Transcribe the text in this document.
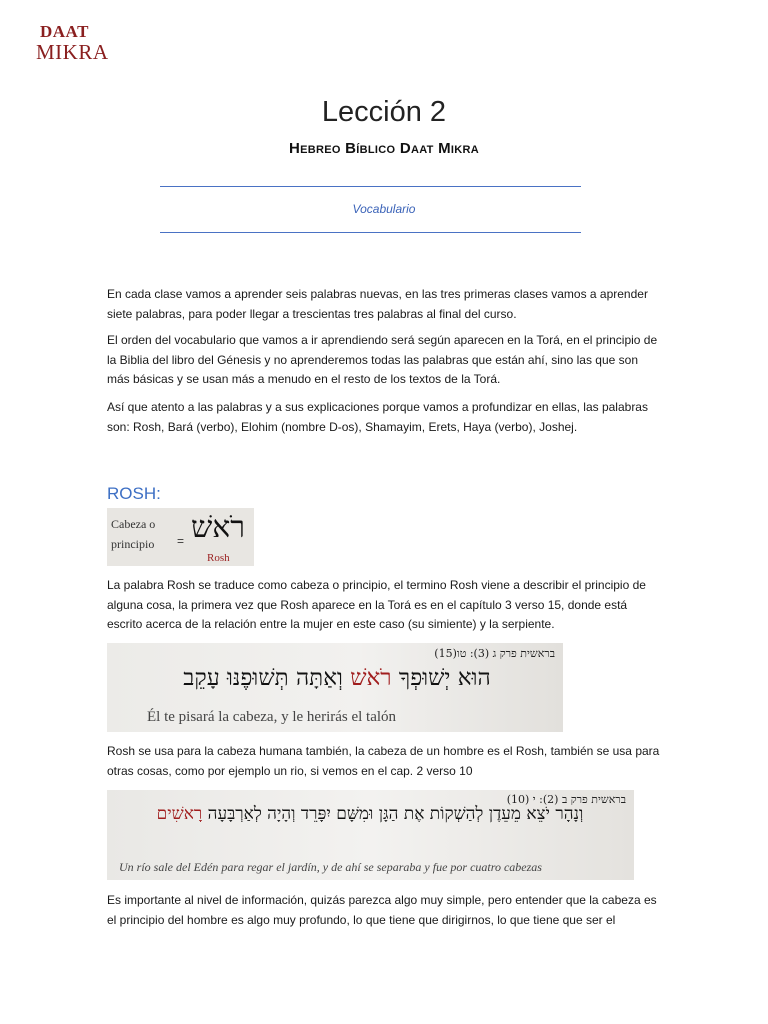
DAAT
MIKRA
Lección 2
Hebreo Bíblico Daat Mikra
Vocabulario
En cada clase vamos a aprender seis palabras nuevas, en las tres primeras clases vamos a aprender siete palabras, para poder llegar a trescientas tres palabras al final del curso.
El orden del vocabulario que vamos a ir aprendiendo será según aparecen en la Torá, en el principio de la Biblia del libro del Génesis y no aprenderemos todas las palabras que están ahí, sino las que son más básicas y se usan más a menudo en el resto de los textos de la Torá.
Así que atento a las palabras y a sus explicaciones porque vamos a profundizar en ellas, las palabras son: Rosh, Bará (verbo), Elohim (nombre D-os), Shamayim, Erets, Haya (verbo), Joshej.
ROSH:
Cabeza o
principio = רֹאשׁ
Rosh
La palabra Rosh se traduce como cabeza o principio, el termino Rosh viene a describir el principio de alguna cosa, la primera vez que Rosh aparece en la Torá es en el capítulo 3 verso 15, donde está escrito acerca de la relación entre la mujer en este caso (su simiente) y la serpiente.
בראשית פרק ג (3): טו(15)
הוּא יְשׁוּפְךָ רֹאשׁ וְאַתָּה תְּשׁוּפֶנּוּ עָקֵב
Él te pisará la cabeza, y le herirás el talón
Rosh se usa para la cabeza humana también, la cabeza de un hombre es el Rosh, también se usa para otras cosas, como por ejemplo un rio, si vemos en el cap. 2 verso 10
בראשית פרק ב (2): י (10)
וְנָהָר יֹצֵא מֵעֵדֶן לְהַשְׁקוֹת אֶת הַגָּן וּמִשָּׁם יִפָּרֵד וְהָיָה לְאַרְבָּעָה רָאשִׁים
Un río sale del Edén para regar el jardín, y de ahí se separaba y fue por cuatro cabezas
Es importante al nivel de información, quizás parezca algo muy simple, pero entender que la cabeza es el principio del hombre es algo muy profundo, lo que tiene que dirigirnos, lo que tiene que ser el
